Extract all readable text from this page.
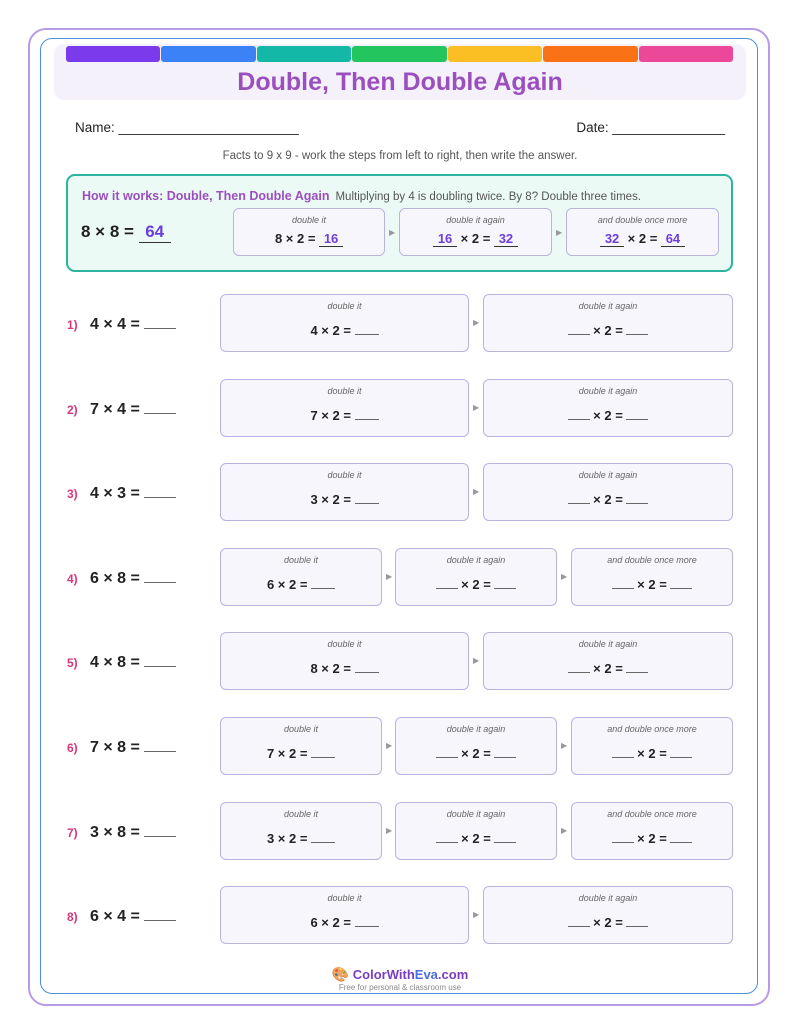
Double, Then Double Again
Name: ________________________	Date: _______________
Facts to 9 x 9 - work the steps from left to right, then write the answer.
How it works: Double, Then Double Again Multiplying by 4 is doubling twice. By 8? Double three times.
8 × 8 = 64
double it
8 × 2 = 16	▶
double it again
16 × 2 = 32	▶
and double once more
32 × 2 = 64
1) 4 × 4 =
double it
4 × 2 =
▶
double it again
× 2 =
2) 7 × 4 =
double it
7 × 2 =
▶
double it again
× 2 =
3) 4 × 3 =
double it
3 × 2 =
▶
double it again
× 2 =
4) 6 × 8 =
double it
6 × 2 =
▶
double it again
× 2 =
▶
and double once more
× 2 =
5) 4 × 8 =
double it
8 × 2 =
▶
double it again
× 2 =
6) 7 × 8 =
double it
7 × 2 =
▶
double it again
× 2 =
▶
and double once more
× 2 =
7) 3 × 8 =
double it
3 × 2 =
▶
double it again
× 2 =
▶
and double once more
× 2 =
8) 6 × 4 =
double it
6 × 2 =
▶
double it again
× 2 =
🎨 ColorWithEva.com
Free for personal & classroom use
